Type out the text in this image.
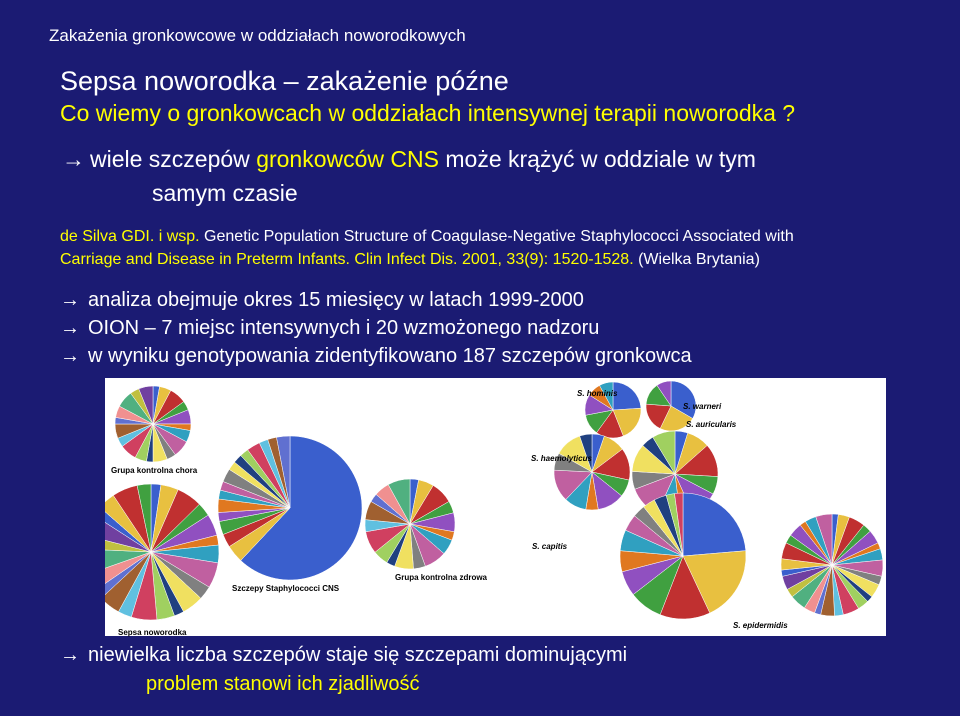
Zakażenia gronkowcowe w oddziałach noworodkowych
Sepsa noworodka – zakażenie późne
Co wiemy o gronkowcach w oddziałach intensywnej terapii noworodka ?
→ wiele szczepów gronkowców CNS może krążyć w oddziale w tym
samym czasie
de Silva GDI. i wsp. Genetic Population Structure of Coagulase-Negative Staphylococci Associated with
Carriage and Disease in Preterm Infants. Clin Infect Dis. 2001, 33(9): 1520-1528. (Wielka Brytania)
→ analiza obejmuje okres 15 miesięcy w latach 1999-2000
→ OION – 7 miejsc intensywnych i 20 wzmożonego nadzoru
→ w wyniku genotypowania zidentyfikowano 187 szczepów gronkowca
Grupa kontrolna chora
Szczepy Staphylococci CNS
Grupa kontrolna zdrowa
Sepsa noworodka
S. hominis
S. warneri
S. auricularis
S. haemolyticus
S. capitis
S. epidermidis
→ niewielka liczba szczepów staje się szczepami dominującymi
problem stanowi ich zjadliwość
